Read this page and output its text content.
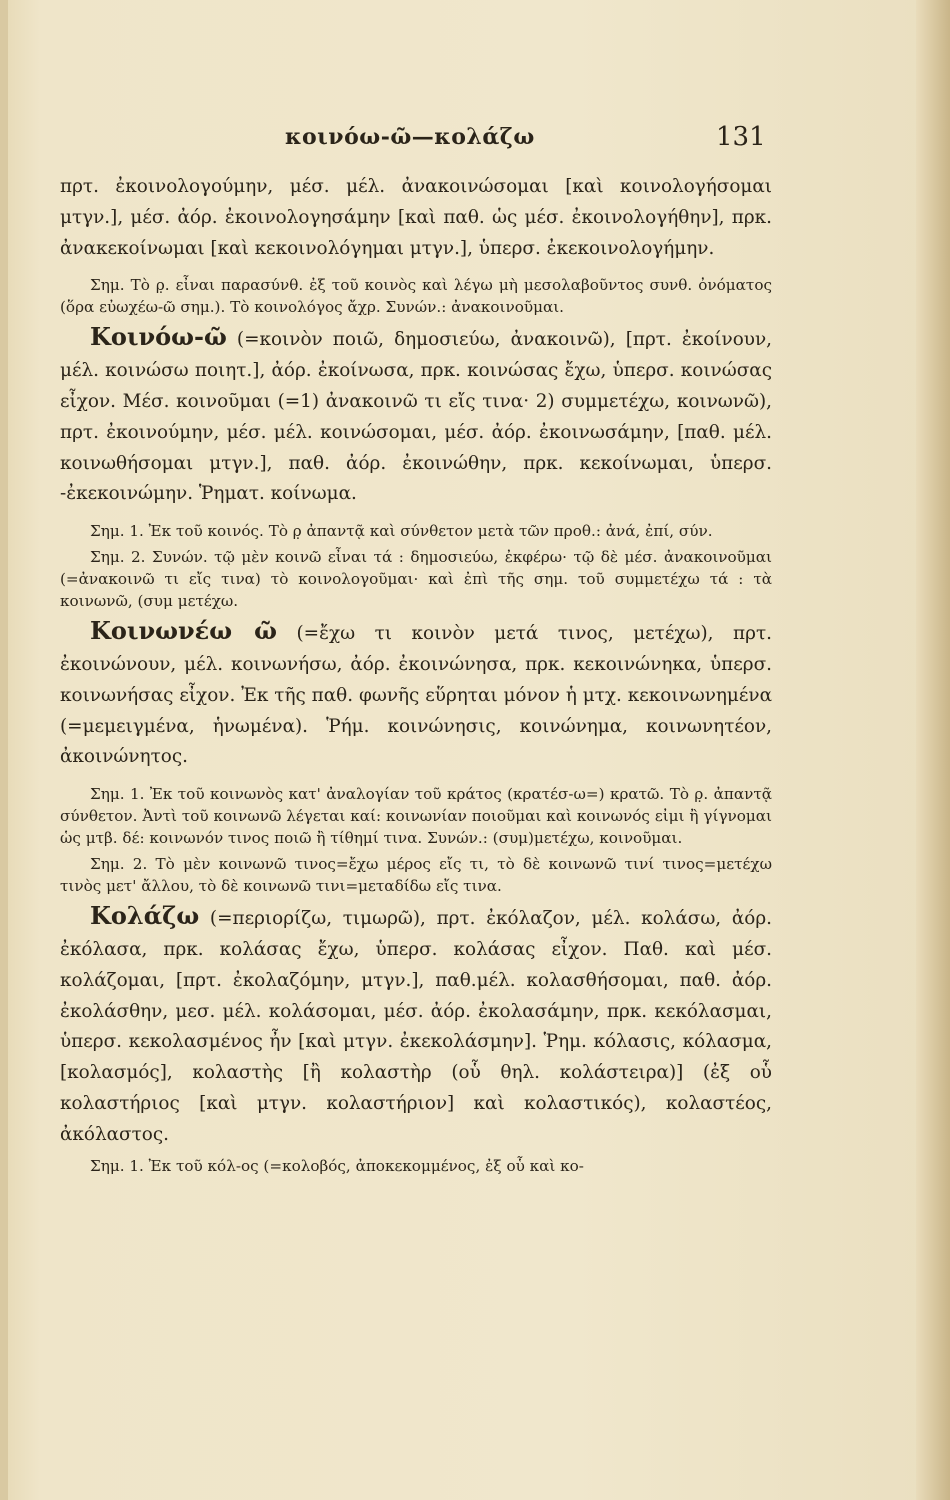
κοινόω-ῶ—κολάζω	131

πρτ. ἐκοινολογούμην, μέσ. μέλ. ἀνακοινώσομαι [καὶ κοινολογήσομαι μτγν.], μέσ. ἀόρ. ἐκοινολογησάμην [καὶ παθ. ὡς μέσ. ἐκοινολογήθην], πρκ. ἀνακεκοίνωμαι [καὶ κεκοινολόγημαι μτγν.], ὑπερσ. ἐκεκοινολογήμην.

Σημ. Τὸ ρ̣. εἶναι παρασύνθ. ἐξ τοῦ κοινὸς καὶ λέγω μὴ μεσολαβοῦντος συνθ. ὀνόματος (ὅρα εὐωχέω-ῶ σημ.). Τὸ κοινολόγος ἄχρ. Συνών.: ἀνακοινοῦμαι.

Κοινόω-ῶ (=κοινὸν ποιῶ, δημοσιεύω, ἀνακοινῶ), [πρτ. ἐκοίνουν, μέλ. κοινώσω ποιητ.], ἀόρ. ἐκοίνωσα, πρκ. κοινώσας ἔχω, ὑπερσ. κοινώσας εἶχον. Μέσ. κοινοῦμαι (=1) ἀνακοινῶ τι εἴς τινα· 2) συμμετέχω, κοινωνῶ), πρτ. ἐκοινούμην, μέσ. μέλ. κοινώσομαι, μέσ. ἀόρ. ἐκοινωσάμην, [παθ. μέλ. κοινωθήσομαι μτγν.], παθ. ἀόρ. ἐκοινώθην, πρκ. κεκοίνωμαι, ὑπερσ. -ἐκεκοινώμην. Ῥηματ. κοίνωμα.

Σημ. 1. Ἐκ τοῦ κοινός. Τὸ ρ̣ ἀπαντᾷ καὶ σύνθετον μετὰ τῶν προθ.: ἀνά, ἐπί, σύν.

Σημ. 2. Συνών. τῷ μὲν κοινῶ εἶναι τά : δημοσιεύω, ἐκφέρω· τῷ δὲ μέσ. ἀνακοινοῦμαι (=ἀνακοινῶ τι εἴς τινα) τὸ κοινολογοῦμαι· καὶ ἐπὶ τῆς σημ. τοῦ συμμετέχω τά : τὰ κοινωνῶ, (συμ μετέχω.

Κοινωνέω ῶ (=ἔχω τι κοινὸν μετά τινος, μετέχω), πρτ. ἐκοινώνουν, μέλ. κοινωνήσω, ἀόρ. ἐκοινώνησα, πρκ. κεκοινώνηκα, ὑπερσ. κοινωνήσας εἶχον. Ἐκ τῆς παθ. φωνῆς εὕρηται μόνον ἡ μτχ. κεκοινωνημένα (=μεμειγμένα, ἡνωμένα). Ῥήμ. κοινώνησις, κοινώνημα, κοινωνητέον, ἀκοινώνητος.

Σημ. 1. Ἐκ τοῦ κοινωνὸς κατ' ἀναλογίαν τοῦ κράτος (κρατέσ-ω=) κρατῶ. Τὸ ρ̣. ἀπαντᾷ σύνθετον. Ἀντὶ τοῦ κοινωνῶ λέγεται καί: κοινωνίαν ποιοῦμαι καὶ κοινωνός εἰμι ἢ γίγνομαι ὡς μτβ. δέ: κοινωνόν τινος ποιῶ ἢ τίθημί τινα. Συνών.: (συμ)μετέχω, κοινοῦμαι.

Σημ. 2. Τὸ μὲν κοινωνῶ τινος=ἔχω μέρος εἴς τι, τὸ δὲ κοινωνῶ τινί τινος=μετέχω τινὸς μετ' ἄλλου, τὸ δὲ κοινωνῶ τινι=μεταδίδω εἴς τινα.

Κολάζω (=περιορίζω, τιμωρῶ), πρτ. ἐκόλαζον, μέλ. κολάσω, ἀόρ. ἐκόλασα, πρκ. κολάσας ἔχω, ὑπερσ. κολάσας εἶχον. Παθ. καὶ μέσ. κολάζομαι, [πρτ. ἐκολαζόμην, μτγν.], παθ.μέλ. κολασθήσομαι, παθ. ἀόρ. ἐκολάσθην, μεσ. μέλ. κολάσομαι, μέσ. ἀόρ. ἐκολασάμην, πρκ. κεκόλασμαι, ὑπερσ. κεκολασμένος ἦν [καὶ μτγν. ἐκεκολάσμην]. Ῥημ. κόλασις, κόλασμα, [κολασμός], κολαστὴς [ἢ κολαστὴρ (οὗ θηλ. κολάστειρα)] (ἐξ οὗ κολαστήριος [καὶ μτγν. κολαστήριον] καὶ κολαστικός), κολαστέος, ἀκόλαστος.

Σημ. 1. Ἐκ τοῦ κόλ-ος (=κολοβός, ἀποκεκομμένος, ἐξ οὗ καὶ κο-
